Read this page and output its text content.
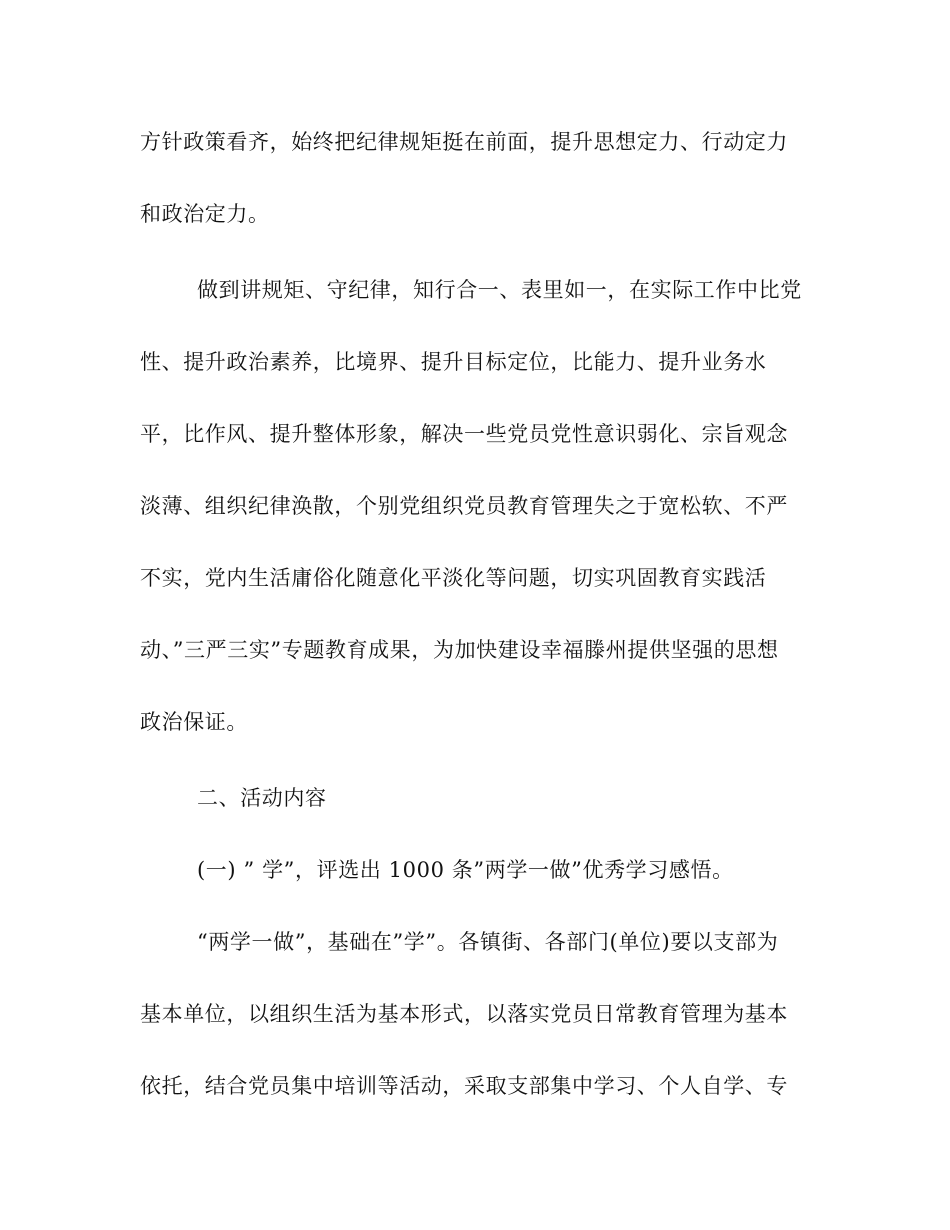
方针政策看齐，始终把纪律规矩挺在前面，提升思想定力、行动定力
和政治定力。
做到讲规矩、守纪律，知行合一、表里如一，在实际工作中比党
性、提升政治素养，比境界、提升目标定位，比能力、提升业务水
平，比作风、提升整体形象，解决一些党员党性意识弱化、宗旨观念
淡薄、组织纪律涣散，个别党组织党员教育管理失之于宽松软、不严
不实，党内生活庸俗化随意化平淡化等问题，切实巩固教育实践活
动、”三严三实”专题教育成果，为加快建设幸福滕州提供坚强的思想
政治保证。
二、活动内容
(一) ” 学”，评选出 1000 条”两学一做”优秀学习感悟。
“两学一做”，基础在”学”。各镇街、各部门(单位)要以支部为
基本单位，以组织生活为基本形式，以落实党员日常教育管理为基本
依托，结合党员集中培训等活动，采取支部集中学习、个人自学、专
